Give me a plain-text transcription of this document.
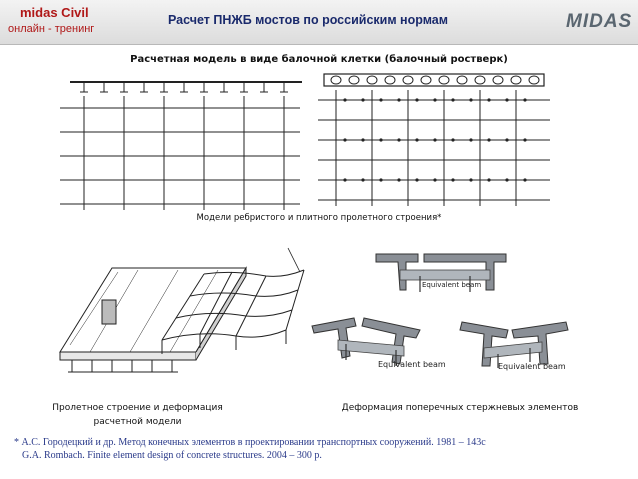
midas Civil
онлайн - тренинг
Расчет ПНЖБ мостов по российским нормам	MIDAS
Расчетная модель в виде балочной клетки (балочный ростверк)
Equivalent beam
Equivalent beam	Equivalent beam
Модели ребристого и плитного пролетного строения*
Пролетное строение и деформация расчетной модели
Деформация поперечных стержневых элементов
* А.С. Городецкий и др. Метод конечных элементов в проектировании транспортных сооружений. 1981 – 143с
G.A. Rombach. Finite element design of concrete structures. 2004 – 300 р.
